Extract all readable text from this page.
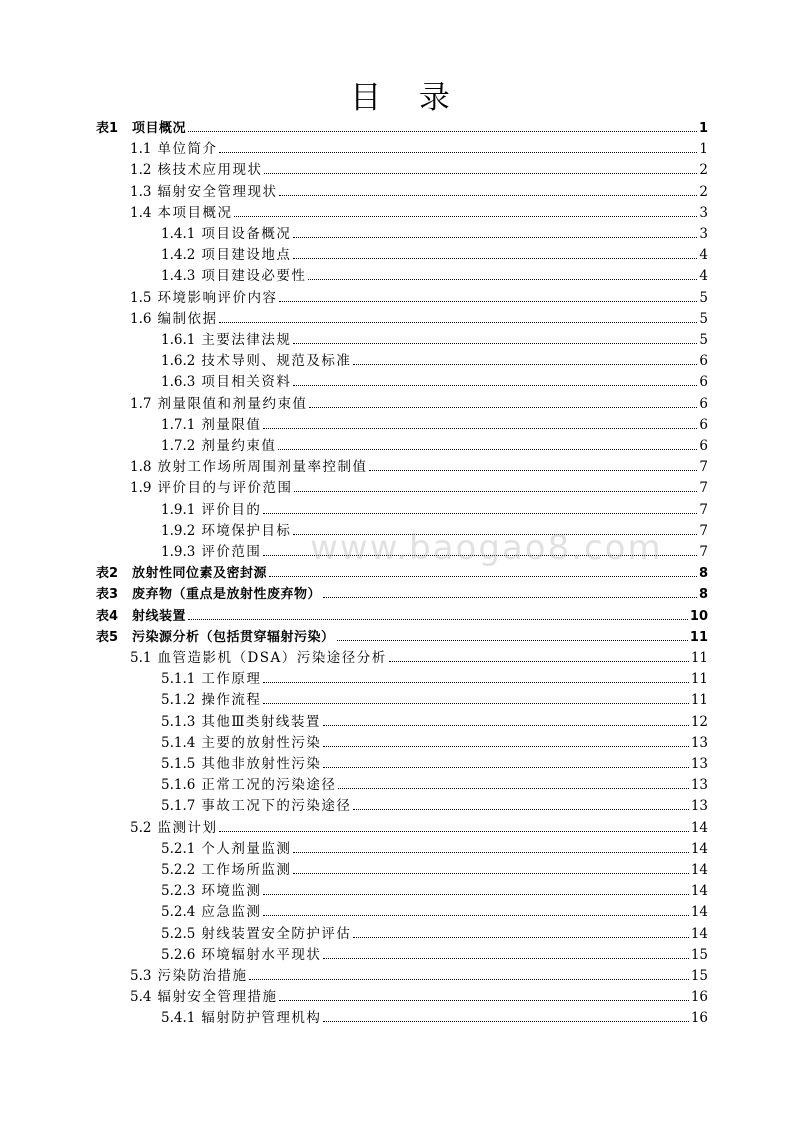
目 录
表1 项目概况	1
1.1 单位简介	1
1.2 核技术应用现状	2
1.3 辐射安全管理现状	2
1.4 本项目概况	3
1.4.1 项目设备概况	3
1.4.2 项目建设地点	4
1.4.3 项目建设必要性	4
1.5 环境影响评价内容	5
1.6 编制依据	5
1.6.1 主要法律法规	5
1.6.2 技术导则、规范及标准	6
1.6.3 项目相关资料	6
1.7 剂量限值和剂量约束值	6
1.7.1 剂量限值	6
1.7.2 剂量约束值	6
1.8 放射工作场所周围剂量率控制值	7
1.9 评价目的与评价范围	7
1.9.1 评价目的	7
1.9.2 环境保护目标	7
1.9.3 评价范围	7
表2 放射性同位素及密封源	8
表3 废弃物（重点是放射性废弃物）	8
表4 射线装置	10
表5 污染源分析（包括贯穿辐射污染）	11
5.1 血管造影机（DSA）污染途径分析	11
5.1.1 工作原理	11
5.1.2 操作流程	11
5.1.3 其他Ⅲ类射线装置	12
5.1.4 主要的放射性污染	13
5.1.5 其他非放射性污染	13
5.1.6 正常工况的污染途径	13
5.1.7 事故工况下的污染途径	13
5.2 监测计划	14
5.2.1 个人剂量监测	14
5.2.2 工作场所监测	14
5.2.3 环境监测	14
5.2.4 应急监测	14
5.2.5 射线装置安全防护评估	14
5.2.6 环境辐射水平现状	15
5.3 污染防治措施	15
5.4 辐射安全管理措施	16
5.4.1 辐射防护管理机构	16
www.baogao8.com
